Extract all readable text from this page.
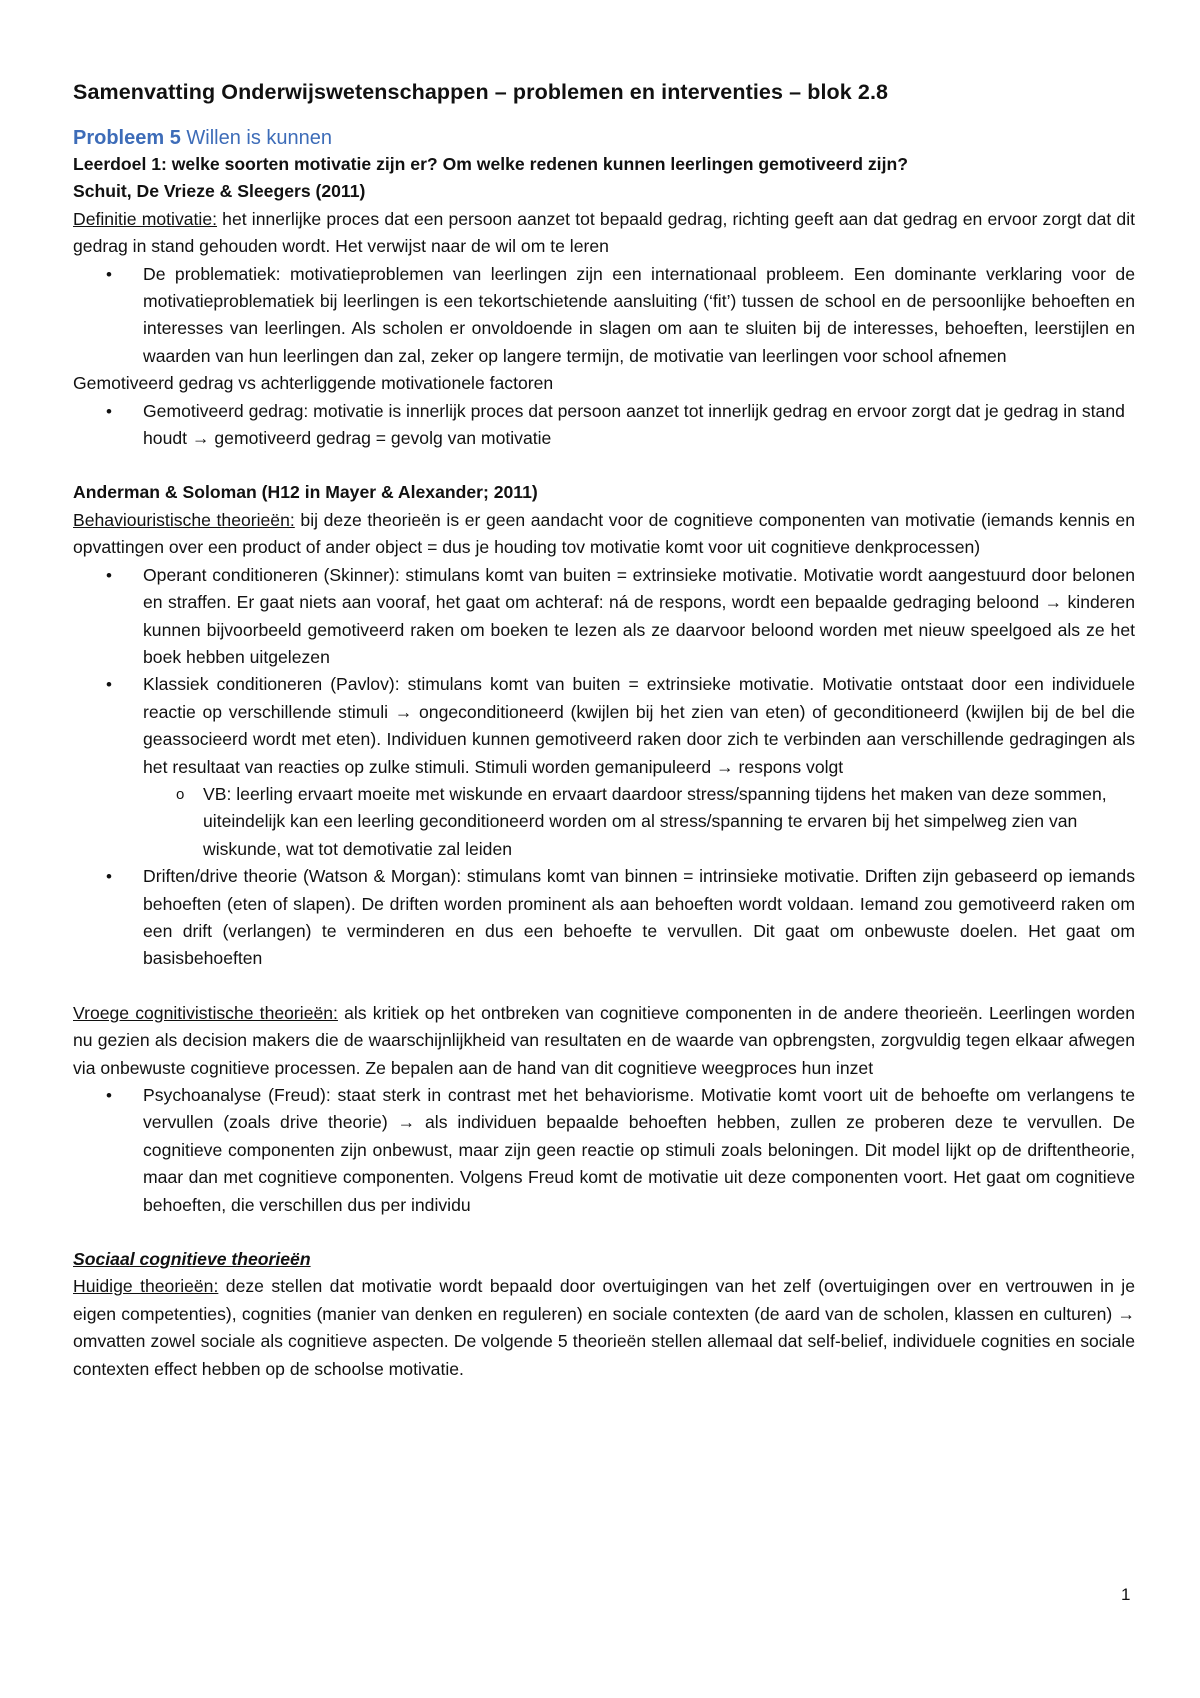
Samenvatting Onderwijswetenschappen – problemen en interventies – blok 2.8

Probleem 5 Willen is kunnen

Leerdoel 1: welke soorten motivatie zijn er? Om welke redenen kunnen leerlingen gemotiveerd zijn?

Schuit, De Vrieze & Sleegers (2011)

Definitie motivatie: het innerlijke proces dat een persoon aanzet tot bepaald gedrag, richting geeft aan dat gedrag en ervoor zorgt dat dit gedrag in stand gehouden wordt. Het verwijst naar de wil om te leren

• De problematiek: motivatieproblemen van leerlingen zijn een internationaal probleem. Een dominante verklaring voor de motivatieproblematiek bij leerlingen is een tekortschietende aansluiting (‘fit’) tussen de school en de persoonlijke behoeften en interesses van leerlingen. Als scholen er onvoldoende in slagen om aan te sluiten bij de interesses, behoeften, leerstijlen en waarden van hun leerlingen dan zal, zeker op langere termijn, de motivatie van leerlingen voor school afnemen

Gemotiveerd gedrag vs achterliggende motivationele factoren

• Gemotiveerd gedrag: motivatie is innerlijk proces dat persoon aanzet tot innerlijk gedrag en ervoor zorgt dat je gedrag in stand houdt → gemotiveerd gedrag = gevolg van motivatie

Anderman & Soloman (H12 in Mayer & Alexander; 2011)

Behaviouristische theorieën: bij deze theorieën is er geen aandacht voor de cognitieve componenten van motivatie (iemands kennis en opvattingen over een product of ander object = dus je houding tov motivatie komt voor uit cognitieve denkprocessen)

• Operant conditioneren (Skinner): stimulans komt van buiten = extrinsieke motivatie. Motivatie wordt aangestuurd door belonen en straffen. Er gaat niets aan vooraf, het gaat om achteraf: ná de respons, wordt een bepaalde gedraging beloond → kinderen kunnen bijvoorbeeld gemotiveerd raken om boeken te lezen als ze daarvoor beloond worden met nieuw speelgoed als ze het boek hebben uitgelezen
• Klassiek conditioneren (Pavlov): stimulans komt van buiten = extrinsieke motivatie. Motivatie ontstaat door een individuele reactie op verschillende stimuli → ongeconditioneerd (kwijlen bij het zien van eten) of geconditioneerd (kwijlen bij de bel die geassocieerd wordt met eten). Individuen kunnen gemotiveerd raken door zich te verbinden aan verschillende gedragingen als het resultaat van reacties op zulke stimuli. Stimuli worden gemanipuleerd → respons volgt
o VB: leerling ervaart moeite met wiskunde en ervaart daardoor stress/spanning tijdens het maken van deze sommen, uiteindelijk kan een leerling geconditioneerd worden om al stress/spanning te ervaren bij het simpelweg zien van wiskunde, wat tot demotivatie zal leiden
• Driften/drive theorie (Watson & Morgan): stimulans komt van binnen = intrinsieke motivatie. Driften zijn gebaseerd op iemands behoeften (eten of slapen). De driften worden prominent als aan behoeften wordt voldaan. Iemand zou gemotiveerd raken om een drift (verlangen) te verminderen en dus een behoefte te vervullen. Dit gaat om onbewuste doelen. Het gaat om basisbehoeften

Vroege cognitivistische theorieën: als kritiek op het ontbreken van cognitieve componenten in de andere theorieën. Leerlingen worden nu gezien als decision makers die de waarschijnlijkheid van resultaten en de waarde van opbrengsten, zorgvuldig tegen elkaar afwegen via onbewuste cognitieve processen. Ze bepalen aan de hand van dit cognitieve weegproces hun inzet

• Psychoanalyse (Freud): staat sterk in contrast met het behaviorisme. Motivatie komt voort uit de behoefte om verlangens te vervullen (zoals drive theorie) → als individuen bepaalde behoeften hebben, zullen ze proberen deze te vervullen. De cognitieve componenten zijn onbewust, maar zijn geen reactie op stimuli zoals beloningen. Dit model lijkt op de driftentheorie, maar dan met cognitieve componenten. Volgens Freud komt de motivatie uit deze componenten voort. Het gaat om cognitieve behoeften, die verschillen dus per individu

Sociaal cognitieve theorieën

Huidige theorieën: deze stellen dat motivatie wordt bepaald door overtuigingen van het zelf (overtuigingen over en vertrouwen in je eigen competenties), cognities (manier van denken en reguleren) en sociale contexten (de aard van de scholen, klassen en culturen) → omvatten zowel sociale als cognitieve aspecten. De volgende 5 theorieën stellen allemaal dat self-belief, individuele cognities en sociale contexten effect hebben op de schoolse motivatie.

1
